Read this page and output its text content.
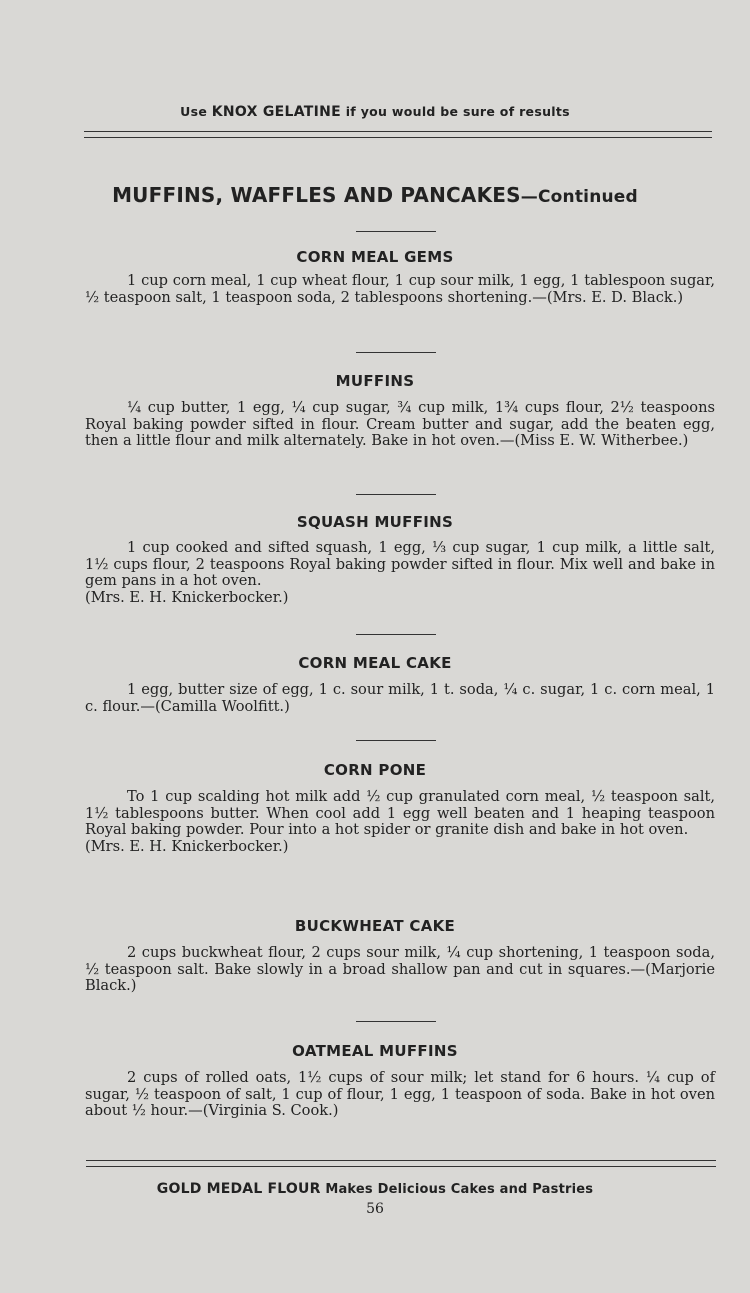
Use KNOX GELATINE if you would be sure of results
MUFFINS, WAFFLES AND PANCAKES—Continued
CORN MEAL GEMS

1 cup corn meal, 1 cup wheat flour, 1 cup sour milk, 1 egg, 1 tablespoon sugar, ½ teaspoon salt, 1 teaspoon soda, 2 tablespoons shortening.—(Mrs. E. D. Black.)

MUFFINS

¼ cup butter, 1 egg, ¼ cup sugar, ¾ cup milk, 1¾ cups flour, 2½ teaspoons Royal baking powder sifted in flour. Cream butter and sugar, add the beaten egg, then a little flour and milk alternately. Bake in hot oven.—(Miss E. W. Witherbee.)

SQUASH MUFFINS

1 cup cooked and sifted squash, 1 egg, ⅓ cup sugar, 1 cup milk, a little salt, 1½ cups flour, 2 teaspoons Royal baking powder sifted in flour. Mix well and bake in gem pans in a hot oven.

(Mrs. E. H. Knickerbocker.)

CORN MEAL CAKE

1 egg, butter size of egg, 1 c. sour milk, 1 t. soda, ¼ c. sugar, 1 c. corn meal, 1 c. flour.—(Camilla Woolfitt.)

CORN PONE

To 1 cup scalding hot milk add ½ cup granulated corn meal, ½ teaspoon salt, 1½ tablespoons butter. When cool add 1 egg well beaten and 1 heaping teaspoon Royal baking powder. Pour into a hot spider or granite dish and bake in hot oven.

(Mrs. E. H. Knickerbocker.)

BUCKWHEAT CAKE

2 cups buckwheat flour, 2 cups sour milk, ¼ cup shortening, 1 teaspoon soda, ½ teaspoon salt. Bake slowly in a broad shallow pan and cut in squares.—(Marjorie Black.)

OATMEAL MUFFINS

2 cups of rolled oats, 1½ cups of sour milk; let stand for 6 hours. ¼ cup of sugar, ½ teaspoon of salt, 1 cup of flour, 1 egg, 1 teaspoon of soda. Bake in hot oven about ½ hour.—(Virginia S. Cook.)

GOLD MEDAL FLOUR Makes Delicious Cakes and Pastries
56
